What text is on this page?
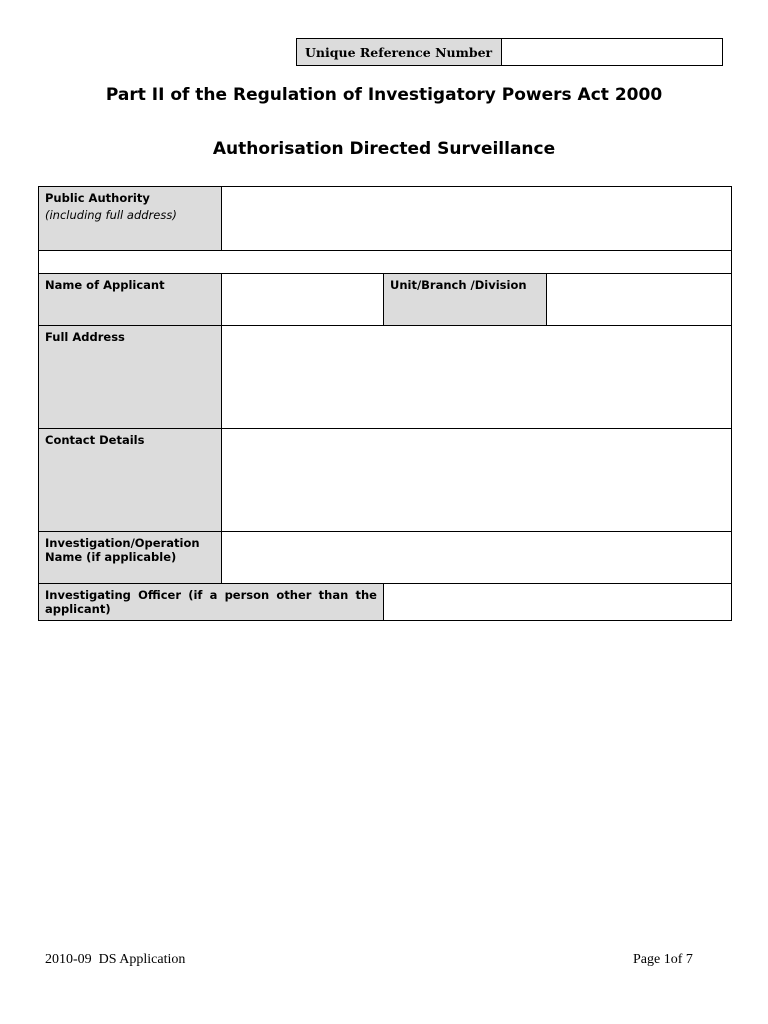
Unique Reference Number	
Part II of the Regulation of Investigatory Powers Act 2000
Authorisation Directed Surveillance
Public Authority
(including full address)			

Name of Applicant		Unit/Branch /Division	
Full Address			
Contact Details			
Investigation/Operation Name (if applicable)			
Investigating Officer (if a person other than the applicant)			
2010-09  DS Application	Page 1of 7
